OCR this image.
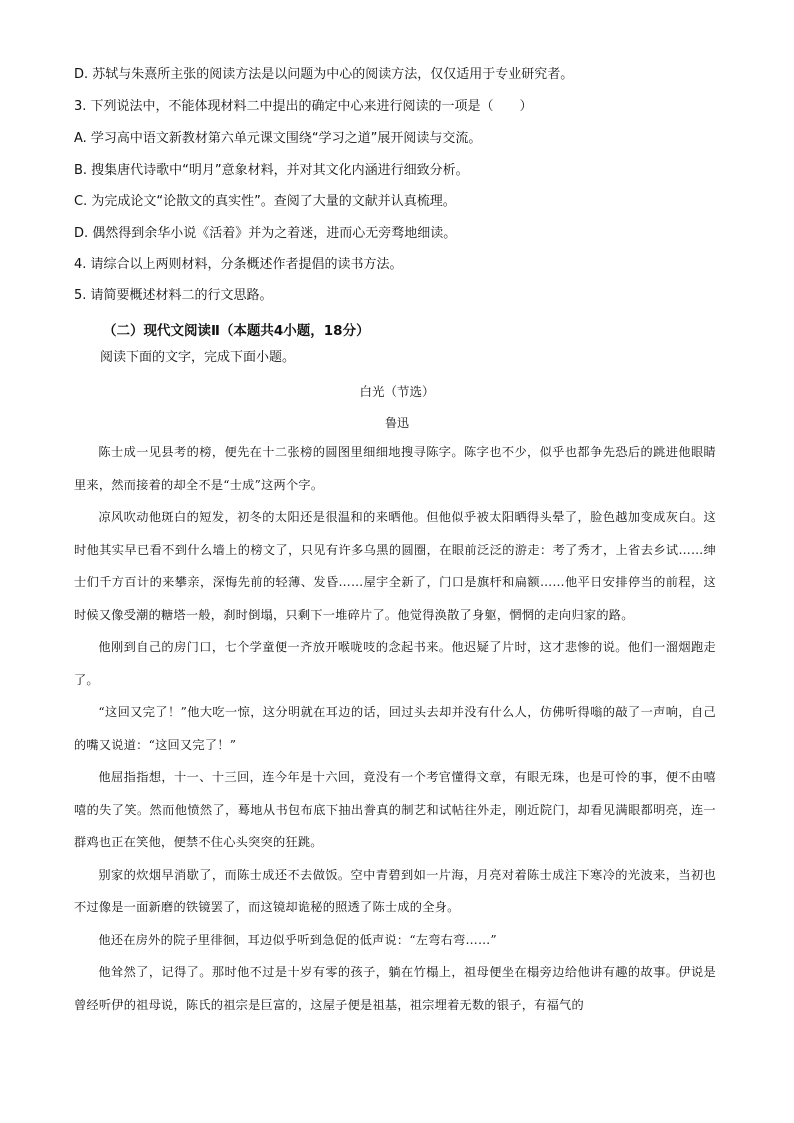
D. 苏轼与朱熹所主张的阅读方法是以问题为中心的阅读方法，仅仅适用于专业研究者。
3. 下列说法中，不能体现材料二中提出的确定中心来进行阅读的一项是（　　）
A. 学习高中语文新教材第六单元课文围绕“学习之道”展开阅读与交流。
B. 搜集唐代诗歌中“明月”意象材料，并对其文化内涵进行细致分析。
C. 为完成论文“论散文的真实性”。查阅了大量的文献并认真梳理。
D. 偶然得到余华小说《活着》并为之着迷，进而心无旁骛地细读。
4. 请综合以上两则材料，分条概述作者提倡的读书方法。
5. 请简要概述材料二的行文思路。
（二）现代文阅读Ⅱ（本题共4小题，18分）
阅读下面的文字，完成下面小题。
白光（节选）
鲁迅

陈士成一见县考的榜，便先在十二张榜的圆图里细细地搜寻陈字。陈字也不少，似乎也都争先恐后的跳进他眼睛里来，然而接着的却全不是“士成”这两个字。

凉风吹动他斑白的短发，初冬的太阳还是很温和的来晒他。但他似乎被太阳晒得头晕了，脸色越加变成灰白。这时他其实早已看不到什么墙上的榜文了，只见有许多乌黑的圆圈，在眼前泛泛的游走：考了秀才，上省去乡试……绅士们千方百计的来攀亲，深悔先前的轻薄、发昏……屋宇全新了，门口是旗杆和扁额……他平日安排停当的前程，这时候又像受潮的糖塔一般，刹时倒塌，只剩下一堆碎片了。他觉得涣散了身躯，惘惘的走向归家的路。

他刚到自己的房门口，七个学童便一齐放开喉咙吱的念起书来。他迟疑了片时，这才悲惨的说。他们一溜烟跑走了。

“这回又完了！”他大吃一惊，这分明就在耳边的话，回过头去却并没有什么人，仿佛听得嗡的敲了一声响，自己的嘴又说道：“这回又完了！”

他屈指指想，十一、十三回，连今年是十六回，竟没有一个考官懂得文章，有眼无珠，也是可怜的事，便不由嘻嘻的失了笑。然而他愤然了，蓦地从书包布底下抽出誊真的制艺和试帖往外走，刚近院门，却看见满眼都明亮，连一群鸡也正在笑他，便禁不住心头突突的狂跳。

别家的炊烟早消歇了，而陈士成还不去做饭。空中青碧到如一片海，月亮对着陈士成注下寒冷的光波来，当初也不过像是一面新磨的铁镜罢了，而这镜却诡秘的照透了陈士成的全身。

他还在房外的院子里徘徊，耳边似乎听到急促的低声说：“左弯右弯……”

他耸然了，记得了。那时他不过是十岁有零的孩子，躺在竹榻上，祖母便坐在榻旁边给他讲有趣的故事。伊说是曾经听伊的祖母说，陈氏的祖宗是巨富的，这屋子便是祖基，祖宗埋着无数的银子，有福气的
